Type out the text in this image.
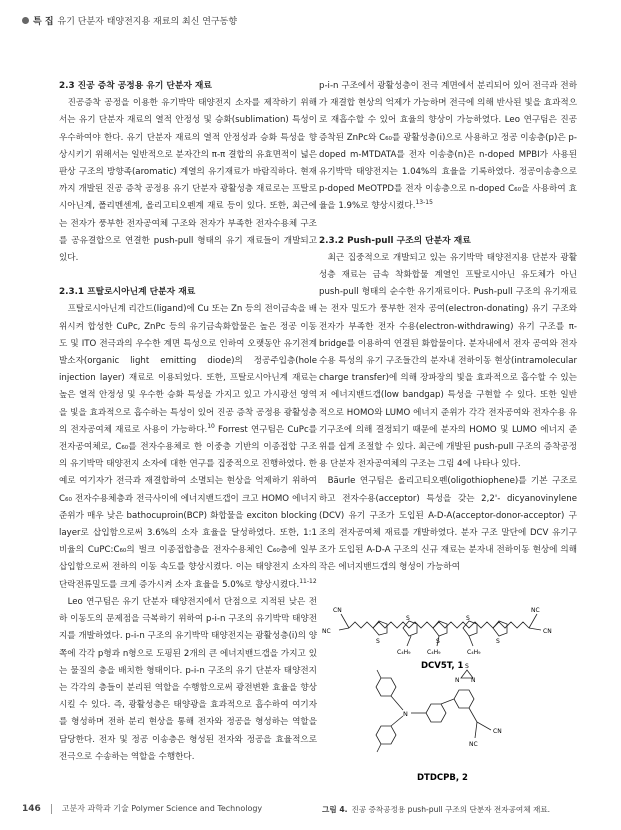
특 집 유기 단분자 태양전지용 재료의 최신 연구동향
2.3 진공 증착 공정용 유기 단분자 재료

진공증착 공정을 이용한 유기박막 태양전지 소자를 제작하기 위해서는 유기 단분자 재료의 열적 안정성 및 승화(sublimation) 특성이 우수하여야 한다. 유기 단분자 재료의 열적 안정성과 승화 특성을 향상시키기 위해서는 일반적으로 분자간의 π-π 결합의 유효면적이 넓은 판상 구조의 방향족(aromatic) 계열의 유기재료가 바람직하다. 현재까지 개발된 진공 증착 공정용 유기 단분자 광활성층 재료로는 프탈로시아닌계, 폴리멘센계, 올리고티오펜계 재료 등이 있다. 또한, 최근에는 전자가 풍부한 전자공여체 구조와 전자가 부족한 전자수용체 구조를 공유결합으로 연결한 push-pull 형태의 유기 재료들이 개발되고 있다.

2.3.1 프탈로시아닌계 단분자 재료

프탈로시아닌계 리간드(ligand)에 Cu 또는 Zn 등의 전이금속을 배위시켜 합성한 CuPc, ZnPc 등의 유기금속화합물은 높은 정공 이동도 및 ITO 전극과의 우수한 계면 특성으로 인하여 오랫동안 유기전계발소자(organic light emitting diode)의 정공주입층(hole injection layer) 재료로 이용되었다. 또한, 프탈로시아닌계 재료는 높은 열적 안정성 및 우수한 승화 특성을 가지고 있고 가시광선 영역을 빛을 효과적으로 흡수하는 특성이 있어 진공 증착 공정용 광활성층의 전자공여체 재료로 사용이 가능하다.$^{10}$ Forrest 연구팀은 CuPc를 전자공여체로, C₆₀를 전자수용체로 한 이중층 기반의 이종접합 구조의 유기박막 태양전지 소자에 대한 연구를 집중적으로 진행하였다. 한 예로 여기자가 전극과 재결합하여 소멸되는 현상을 억제하기 위하여 C₆₀ 전자수용체층과 전극사이에 에너지밴드갭이 크고 HOMO 에너지 준위가 매우 낮은 bathocuproin(BCP) 화합물을 exciton blocking layer로 삽입함으로써 3.6%의 소자 효율을 달성하였다. 또한, 1:1 비율의 CuPC:C₆₀의 벌크 이종접합층을 전자수용체인 C₆₀층에 일부 삽입함으로써 전하의 이동 속도를 향상시켰다. 이는 태양전지 소자의 단락전류밀도를 크게 증가시켜 소자 효율을 5.0%로 향상시켰다.$^{11-12}$

Leo 연구팀은 유기 단분자 태양전지에서 단점으로 지적된 낮은 전하 이동도의 문제점을 극복하기 위하여 p-i-n 구조의 유기박막 태양전지를 개발하였다. p-i-n 구조의 유기박막 태양전지는 광활성층(i)의 양쪽에 각각 p형과 n형으로 도핑된 2개의 큰 에너지밴드갭을 가지고 있는 물질의 층을 배치한 형태이다. p-i-n 구조의 유기 단분자 태양전지는 각각의 층들이 분리된 역할을 수행함으로써 광전변환 효율을 향상시킬 수 있다. 즉, 광활성층은 태양광을 효과적으로 흡수하여 여기자를 형성하며 전하 분리 현상을 통해 전자와 정공을 형성하는 역할을 담당한다. 전자 및 정공 이송층은 형성된 전자와 정공을 효율적으로 전극으로 수송하는 역할을 수행한다.

p-i-n 구조에서 광활성층이 전극 계면에서 분리되어 있어 전극과 전하가 재결합 현상의 억제가 가능하며 전극에 의해 반사된 빛을 효과적으로 재흡수할 수 있어 효율의 향상이 가능하였다. Leo 연구팀은 진공증착된 ZnPc와 C₆₀를 광활성층(i)으로 사용하고 정공 이송층(p)은 p-doped m-MTDATA를 전자 이송층(n)은 n-doped MPBI가 사용된 유기박막 태양전지는 1.04%의 효율을 기록하였다. 정공이송층으로 p-doped MeOTPD를 전자 이송층으로 n-doped C₆₀을 사용하여 효율을 1.9%로 향상시켰다.$^{13-15}$

2.3.2 Push-pull 구조의 단분자 재료

최근 집중적으로 개발되고 있는 유기박막 태양전지용 단분자 광활성층 재료는 금속 착화합물 계열인 프탈로시아닌 유도체가 아닌 push-pull 형태의 순수한 유기재료이다. Push-pull 구조의 유기재료는 전자 밀도가 풍부한 전자 공여(electron-donating) 유기 구조와 전자가 부족한 전자 수용(electron-withdrawing) 유기 구조를 π-bridge를 이용하여 연결된 화합물이다. 분자내에서 전자 공여와 전자 수용 특성의 유기 구조들간의 분자내 전하이동 현상(intramolecular charge transfer)에 의해 장파장의 빛을 효과적으로 흡수할 수 있는 저 에너지밴드갭(low bandgap) 특성을 구현할 수 있다. 또한 일반적으로 HOMO와 LUMO 에너지 준위가 각각 전자공여와 전자수용 유기구조에 의해 결정되기 때문에 분자의 HOMO 및 LUMO 에너지 준위를 쉽게 조절할 수 있다. 최근에 개발된 push-pull 구조의 증착공정용 단분자 전자공여체의 구조는 그림 4에 나타나 있다.

Bäurle 연구팀은 올리고티오펜(oligothiophene)를 기본 구조로 하고 전자수용(acceptor) 특성을 갖는 2,2'- dicyanovinylene (DCV) 유기 구조가 도입된 A-D-A(acceptor-donor-acceptor) 구조의 전자공여체 재료를 개발하였다. 분자 구조 말단에 DCV 유기구조가 도입된 A-D-A 구조의 신규 재료는 분자내 전하이동 현상에 의해 작은 에너지밴드갭의 형성이 가능하여

CN
NC
NC
CN
S
S
S
S
S
C₄H₉	C₄H₉	C₄H₉
DCV5T, 1
N
S
N N
CN
NC
DTDCPB, 2
그림 4. 진공 증착공정용 push-pull 구조의 단분자 전자공여체 재료.
146	고분자 과학과 기술 Polymer Science and Technology
